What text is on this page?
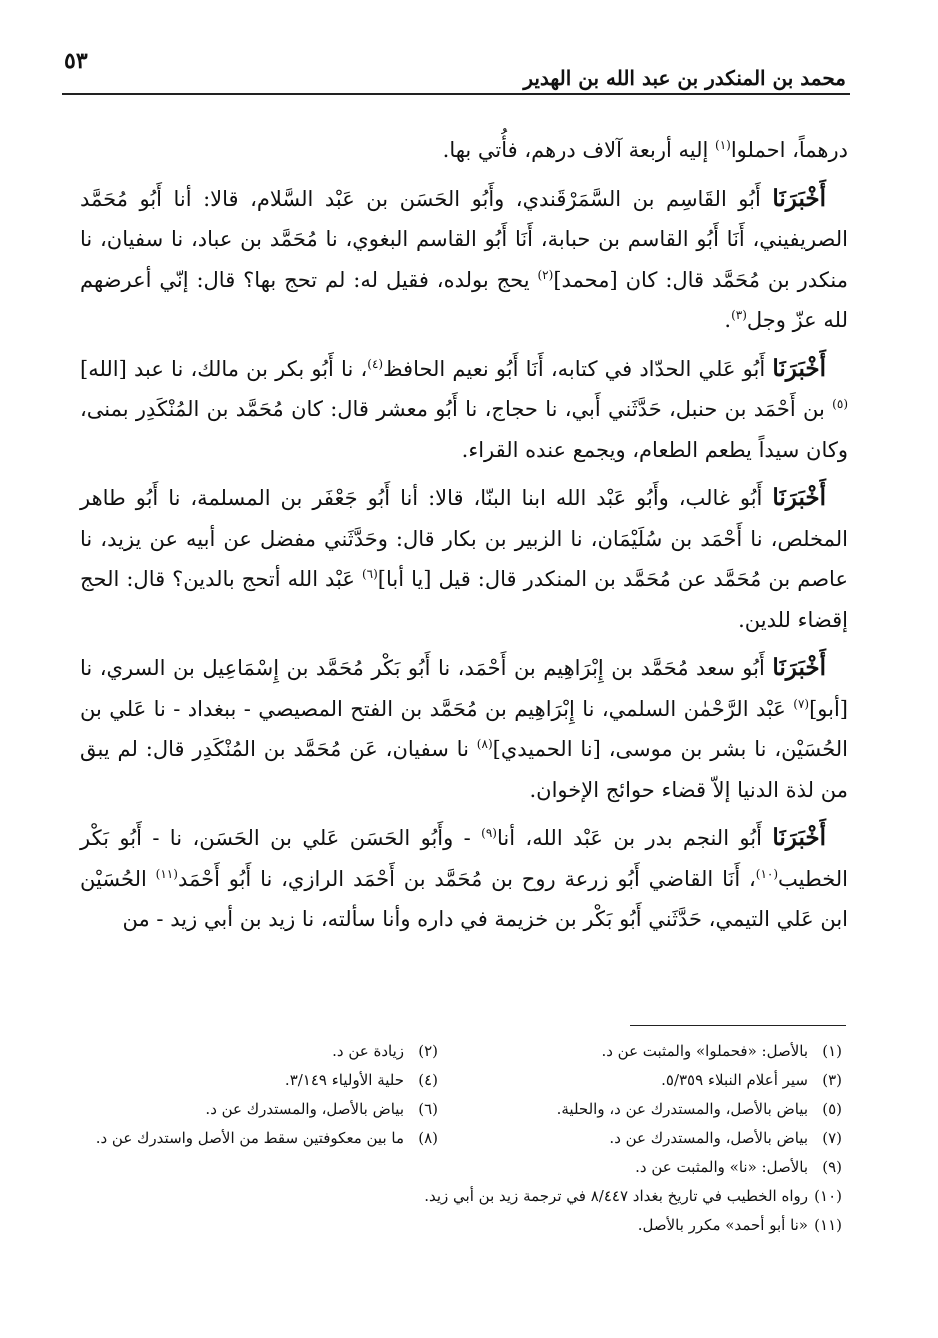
٥٣
محمد بن المنكدر بن عبد الله بن الهدير

درهماً، احملوا$^{(١)}$ إليه أربعة آلاف درهم، فأُتي بها.

أَخْبَرَنَا أَبُو القَاسِم بن السَّمَرْقَندي، وأَبُو الحَسَن بن عَبْد السَّلام، قالا: أنا أَبُو مُحَمَّد الصريفيني، أَنَا أَبُو القاسم بن حبابة، أَنَا أَبُو القاسم البغوي، نا مُحَمَّد بن عباد، نا سفيان، نا منكدر بن مُحَمَّد قال: كان [محمد]$^{(٢)}$ يحج بولده، فقيل له: لم تحج بها؟ قال: إنّي أعرضهم لله عزّ وجل$^{(٣)}$.

أَخْبَرَنَا أَبُو عَلي الحدّاد في كتابه، أَنَا أَبُو نعيم الحافظ$^{(٤)}$، نا أَبُو بكر بن مالك، نا عبد [الله]$^{(٥)}$ بن أَحْمَد بن حنبل، حَدَّثَني أَبي، نا حجاج، نا أَبُو معشر قال: كان مُحَمَّد بن المُنْكَدِر بمنى، وكان سيداً يطعم الطعام، ويجمع عنده القراء.

أَخْبَرَنَا أَبُو غالب، وأَبُو عَبْد الله ابنا البنّا، قالا: أنا أَبُو جَعْفَر بن المسلمة، نا أَبُو طاهر المخلص، نا أَحْمَد بن سُلَيْمَان، نا الزبير بن بكار قال: وحَدَّثَني مفضل عن أبيه عن يزيد، نا عاصم بن مُحَمَّد عن مُحَمَّد بن المنكدر قال: قيل [يا أبا]$^{(٦)}$ عَبْد الله أتحج بالدين؟ قال: الحج إقضاء للدين.

أَخْبَرَنَا أَبُو سعد مُحَمَّد بن إِبْرَاهِيم بن أَحْمَد، نا أَبُو بَكْر مُحَمَّد بن إِسْمَاعِيل بن السري، نا [أبو]$^{(٧)}$ عَبْد الرَّحْمٰن السلمي، نا إِبْرَاهِيم بن مُحَمَّد بن الفتح المصيصي - ببغداد - نا عَلي بن الحُسَيْن، نا بشر بن موسى، [نا الحميدي]$^{(٨)}$ نا سفيان، عَن مُحَمَّد بن المُنْكَدِر قال: لم يبق من لذة الدنيا إلاّ قضاء حوائج الإخوان.

أَخْبَرَنَا أَبُو النجم بدر بن عَبْد الله، أنا$^{(٩)}$ - وأَبُو الحَسَن عَلي بن الحَسَن، نا - أَبُو بَكْر الخطيب$^{(١٠)}$، أَنَا القاضي أَبُو زرعة روح بن مُحَمَّد بن أَحْمَد الرازي، نا أَبُو أَحْمَد$^{(١١)}$ الحُسَيْن ابن عَلي التيمي، حَدَّثَني أَبُو بَكْر بن خزيمة في داره وأنا سألته، نا زيد بن أبي زيد - من

(١)بالأصل: «فحملوا» والمثبت عن د.
(٢)زيادة عن د.
(٣)سير أعلام النبلاء ٥/٣٥٩.
(٤)حلية الأولياء ٣/١٤٩.
(٥)بياض بالأصل، والمستدرك عن د، والحلية.
(٦)بياض بالأصل، والمستدرك عن د.
(٧)بياض بالأصل، والمستدرك عن د.
(٨)ما بين معكوفتين سقط من الأصل واستدرك عن د.
(٩)بالأصل: «نا» والمثبت عن د.
(١٠)رواه الخطيب في تاريخ بغداد ٨/٤٤٧ في ترجمة زيد بن أبي زيد.
(١١)«نا أبو أحمد» مكرر بالأصل.
